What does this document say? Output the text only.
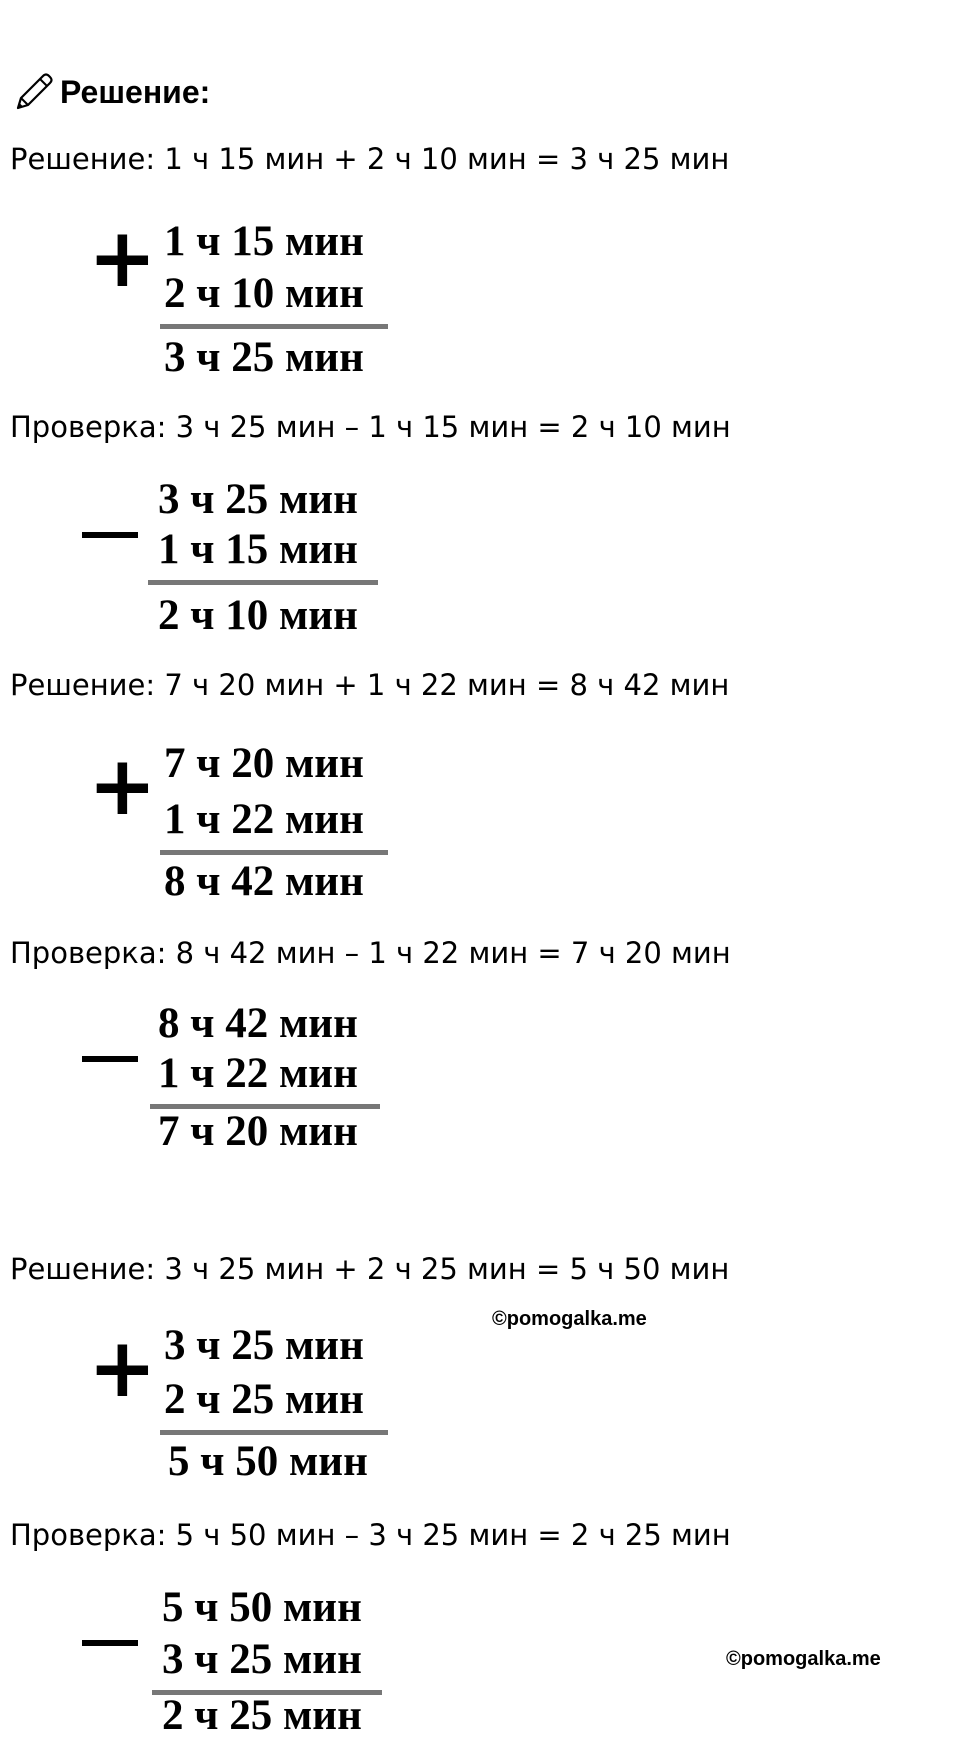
Решение:
Решение: 1 ч 15 мин + 2 ч 10 мин = 3 ч 25 мин
+ 1 ч 15 мин
2 ч 10 мин
3 ч 25 мин
Проверка: 3 ч 25 мин – 1 ч 15 мин = 2 ч 10 мин
3 ч 25 мин
1 ч 15 мин
2 ч 10 мин
Решение: 7 ч 20 мин + 1 ч 22 мин = 8 ч 42 мин
+ 7 ч 20 мин
1 ч 22 мин
8 ч 42 мин
Проверка: 8 ч 42 мин – 1 ч 22 мин = 7 ч 20 мин
8 ч 42 мин
1 ч 22 мин
7 ч 20 мин
Решение: 3 ч 25 мин + 2 ч 25 мин = 5 ч 50 мин
©pomogalka.me
+ 3 ч 25 мин
2 ч 25 мин
5 ч 50 мин
Проверка: 5 ч 50 мин – 3 ч 25 мин = 2 ч 25 мин
©pomogalka.me
5 ч 50 мин
3 ч 25 мин
2 ч 25 мин
